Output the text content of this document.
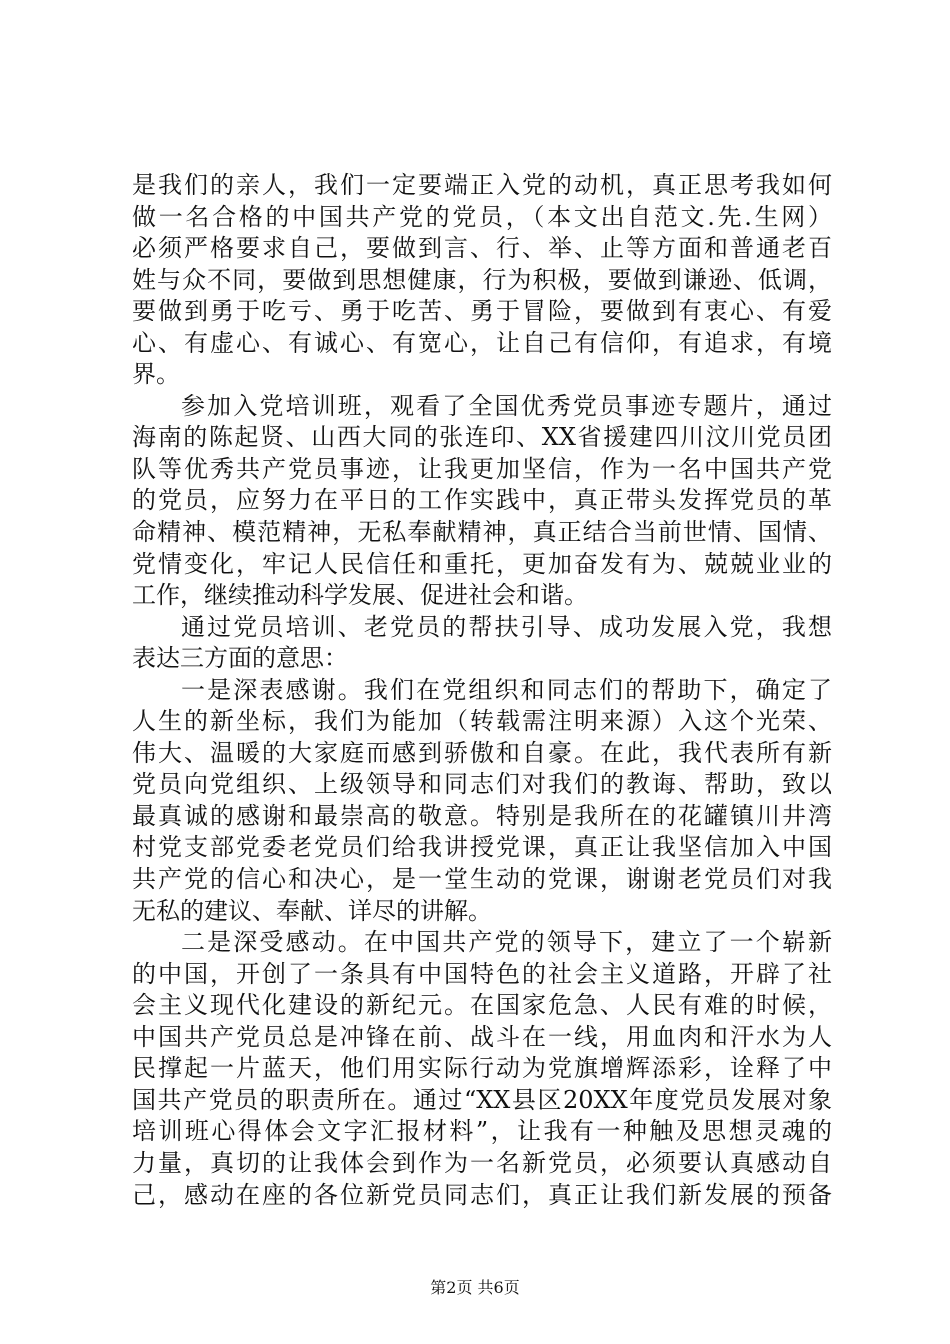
是我们的亲人，我们一定要端正入党的动机，真正思考我如何
做一名合格的中国共产党的党员，（本文出自范文.先.生网）
必须严格要求自己，要做到言、行、举、止等方面和普通老百
姓与众不同，要做到思想健康，行为积极，要做到谦逊、低调，
要做到勇于吃亏、勇于吃苦、勇于冒险，要做到有衷心、有爱
心、有虚心、有诚心、有宽心，让自己有信仰，有追求，有境
界。
参加入党培训班，观看了全国优秀党员事迹专题片，通过
海南的陈起贤、山西大同的张连印、XX省援建四川汶川党员团
队等优秀共产党员事迹，让我更加坚信，作为一名中国共产党
的党员，应努力在平日的工作实践中，真正带头发挥党员的革
命精神、模范精神，无私奉献精神，真正结合当前世情、国情、
党情变化，牢记人民信任和重托，更加奋发有为、兢兢业业的
工作，继续推动科学发展、促进社会和谐。
通过党员培训、老党员的帮扶引导、成功发展入党，我想
表达三方面的意思：
一是深表感谢。我们在党组织和同志们的帮助下，确定了
人生的新坐标，我们为能加（转载需注明来源）入这个光荣、
伟大、温暖的大家庭而感到骄傲和自豪。在此，我代表所有新
党员向党组织、上级领导和同志们对我们的教诲、帮助，致以
最真诚的感谢和最崇高的敬意。特别是我所在的花罐镇川井湾
村党支部党委老党员们给我讲授党课，真正让我坚信加入中国
共产党的信心和决心，是一堂生动的党课，谢谢老党员们对我
无私的建议、奉献、详尽的讲解。
二是深受感动。在中国共产党的领导下，建立了一个崭新
的中国，开创了一条具有中国特色的社会主义道路，开辟了社
会主义现代化建设的新纪元。在国家危急、人民有难的时候，
中国共产党员总是冲锋在前、战斗在一线，用血肉和汗水为人
民撑起一片蓝天，他们用实际行动为党旗增辉添彩，诠释了中
国共产党员的职责所在。通过“XX县区20XX年度党员发展对象
培训班心得体会文字汇报材料”，让我有一种触及思想灵魂的
力量，真切的让我体会到作为一名新党员，必须要认真感动自
己，感动在座的各位新党员同志们，真正让我们新发展的预备
第2页 共6页
